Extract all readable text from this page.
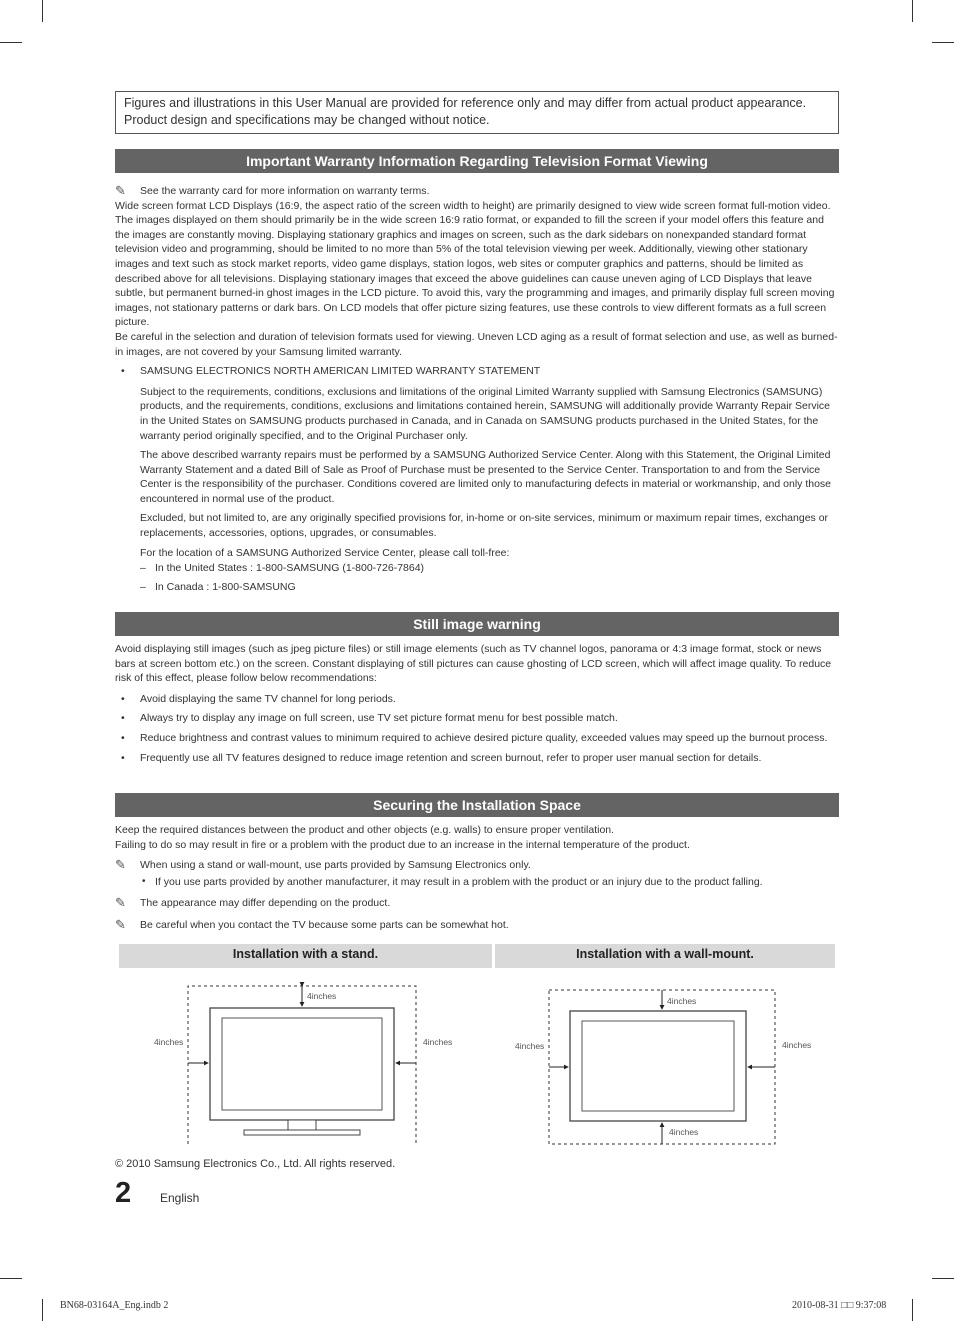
Figures and illustrations in this User Manual are provided for reference only and may differ from actual product appearance.
Product design and specifications may be changed without notice.
Important Warranty Information Regarding Television Format Viewing
✎ See the warranty card for more information on warranty terms.

Wide screen format LCD Displays (16:9, the aspect ratio of the screen width to height) are primarily designed to view wide screen format full-motion video. The images displayed on them should primarily be in the wide screen 16:9 ratio format, or expanded to fill the screen if your model offers this feature and the images are constantly moving. Displaying stationary graphics and images on screen, such as the dark sidebars on nonexpanded standard format television video and programming, should be limited to no more than 5% of the total television viewing per week. Additionally, viewing other stationary images and text such as stock market reports, video game displays, station logos, web sites or computer graphics and patterns, should be limited as described above for all televisions. Displaying stationary images that exceed the above guidelines can cause uneven aging of LCD Displays that leave subtle, but permanent burned-in ghost images in the LCD picture. To avoid this, vary the programming and images, and primarily display full screen moving images, not stationary patterns or dark bars. On LCD models that offer picture sizing features, use these controls to view different formats as a full screen picture.

Be careful in the selection and duration of television formats used for viewing. Uneven LCD aging as a result of format selection and use, as well as burned-in images, are not covered by your Samsung limited warranty.

• SAMSUNG ELECTRONICS NORTH AMERICAN LIMITED WARRANTY STATEMENT
Subject to the requirements, conditions, exclusions and limitations of the original Limited Warranty supplied with Samsung Electronics (SAMSUNG) products, and the requirements, conditions, exclusions and limitations contained herein, SAMSUNG will additionally provide Warranty Repair Service in the United States on SAMSUNG products purchased in Canada, and in Canada on SAMSUNG products purchased in the United States, for the warranty period originally specified, and to the Original Purchaser only.
The above described warranty repairs must be performed by a SAMSUNG Authorized Service Center. Along with this Statement, the Original Limited Warranty Statement and a dated Bill of Sale as Proof of Purchase must be presented to the Service Center. Transportation to and from the Service Center is the responsibility of the purchaser. Conditions covered are limited only to manufacturing defects in material or workmanship, and only those encountered in normal use of the product.
Excluded, but not limited to, are any originally specified provisions for, in-home or on-site services, minimum or maximum repair times, exchanges or replacements, accessories, options, upgrades, or consumables.
For the location of a SAMSUNG Authorized Service Center, please call toll-free:
– In the United States : 1-800-SAMSUNG (1-800-726-7864)
– In Canada : 1-800-SAMSUNG
Still image warning

Avoid displaying still images (such as jpeg picture files) or still image elements (such as TV channel logos, panorama or 4:3 image format, stock or news bars at screen bottom etc.) on the screen. Constant displaying of still pictures can cause ghosting of LCD screen, which will affect image quality. To reduce risk of this effect, please follow below recommendations:

• Avoid displaying the same TV channel for long periods.
• Always try to display any image on full screen, use TV set picture format menu for best possible match.
• Reduce brightness and contrast values to minimum required to achieve desired picture quality, exceeded values may speed up the burnout process.
• Frequently use all TV features designed to reduce image retention and screen burnout, refer to proper user manual section for details.
Securing the Installation Space

Keep the required distances between the product and other objects (e.g. walls) to ensure proper ventilation.

Failing to do so may result in fire or a problem with the product due to an increase in the internal temperature of the product.

✎ When using a stand or wall-mount, use parts provided by Samsung Electronics only.
• If you use parts provided by another manufacturer, it may result in a problem with the product or an injury due to the product falling.
✎ The appearance may differ depending on the product.
✎ Be careful when you contact the TV because some parts can be somewhat hot.
Installation with a stand.	Installation with a wall-mount.
4inches
4inches	4inches
4inches
4inches	4inches
4inches
© 2010 Samsung Electronics Co., Ltd. All rights reserved.
2 English
BN68-03164A_Eng.indb 2	2010-08-31 □□ 9:37:08
